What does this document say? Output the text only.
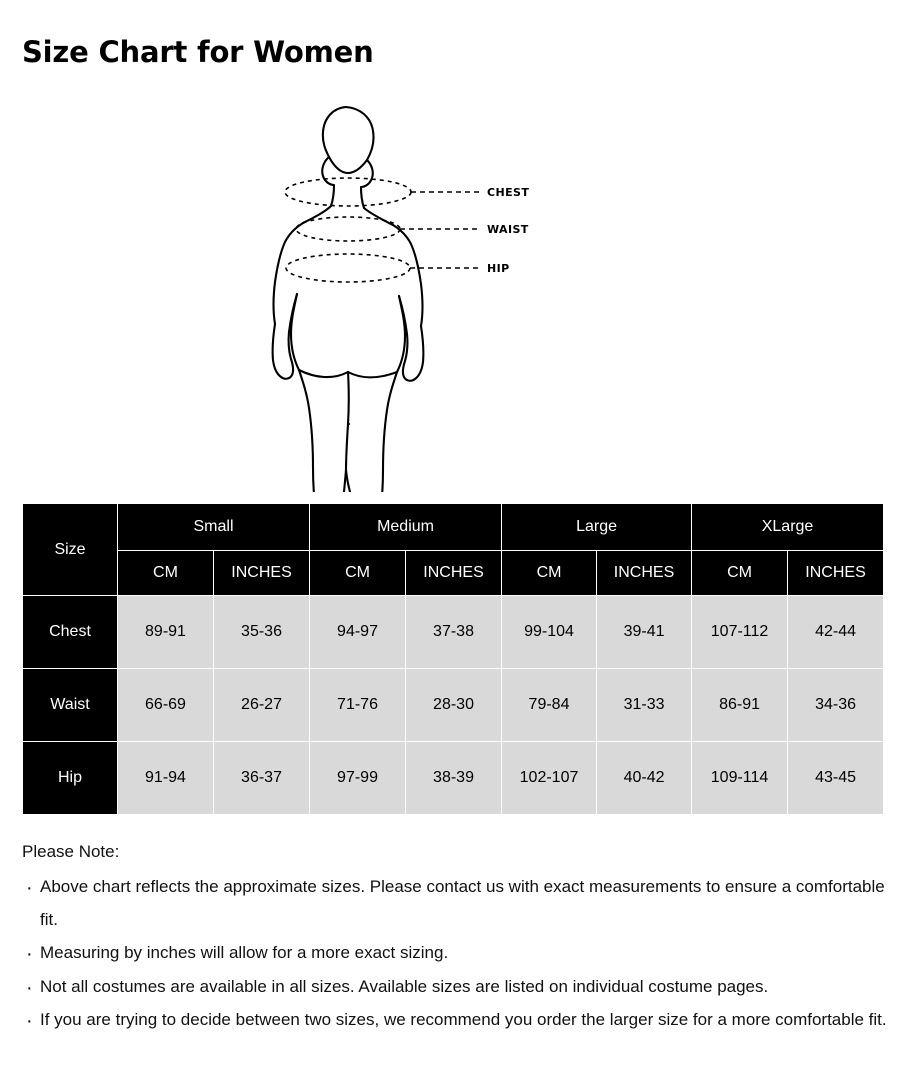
Size Chart for Women
CHEST
WAIST
HIP
Size	Small		Medium		Large		XLarge	
	CM	INCHES	CM	INCHES	CM	INCHES	CM	INCHES
Chest	89-91	35-36	94-97	37-38	99-104	39-41	107-112	42-44
Waist	66-69	26-27	71-76	28-30	79-84	31-33	86-91	34-36
Hip	91-94	36-37	97-99	38-39	102-107	40-42	109-114	43-45
Please Note:
· Above chart reflects the approximate sizes. Please contact us with exact measurements to ensure a comfortable fit.
· Measuring by inches will allow for a more exact sizing.
· Not all costumes are available in all sizes. Available sizes are listed on individual costume pages.
· If you are trying to decide between two sizes, we recommend you order the larger size for a more comfortable fit.
